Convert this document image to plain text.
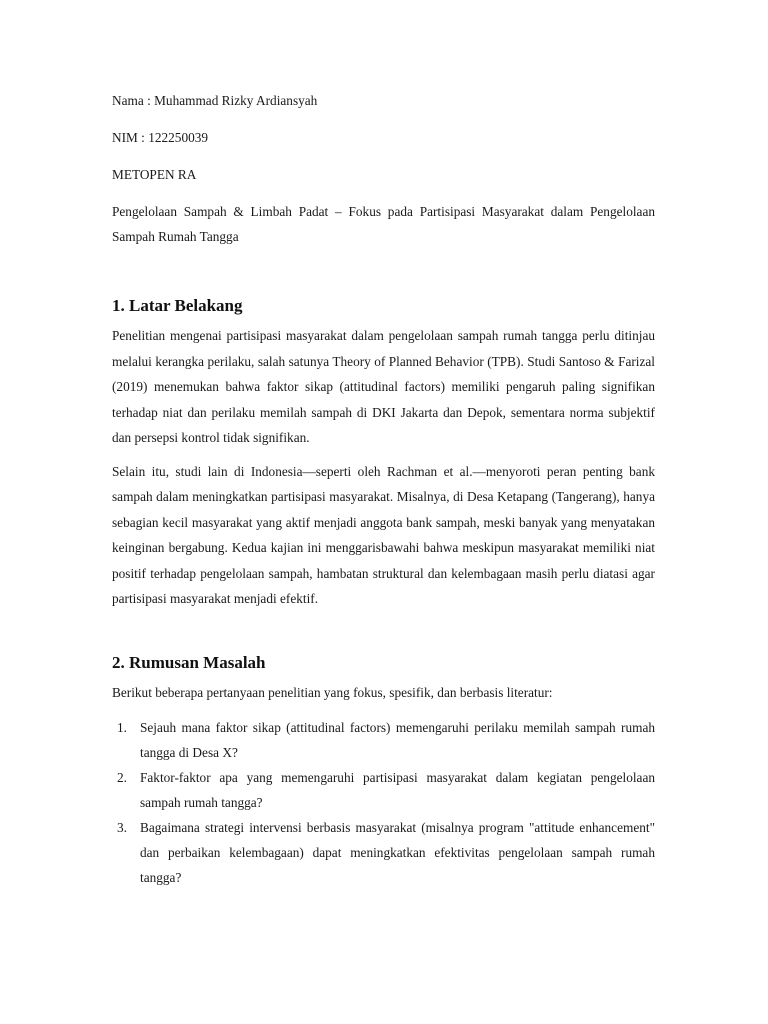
Nama : Muhammad Rizky Ardiansyah

NIM : 122250039

METOPEN RA

Pengelolaan Sampah & Limbah Padat – Fokus pada Partisipasi Masyarakat dalam Pengelolaan Sampah Rumah Tangga

1. Latar Belakang

Penelitian mengenai partisipasi masyarakat dalam pengelolaan sampah rumah tangga perlu ditinjau melalui kerangka perilaku, salah satunya Theory of Planned Behavior (TPB). Studi Santoso & Farizal (2019) menemukan bahwa faktor sikap (attitudinal factors) memiliki pengaruh paling signifikan terhadap niat dan perilaku memilah sampah di DKI Jakarta dan Depok, sementara norma subjektif dan persepsi kontrol tidak signifikan.

Selain itu, studi lain di Indonesia—seperti oleh Rachman et al.—menyoroti peran penting bank sampah dalam meningkatkan partisipasi masyarakat. Misalnya, di Desa Ketapang (Tangerang), hanya sebagian kecil masyarakat yang aktif menjadi anggota bank sampah, meski banyak yang menyatakan keinginan bergabung. Kedua kajian ini menggarisbawahi bahwa meskipun masyarakat memiliki niat positif terhadap pengelolaan sampah, hambatan struktural dan kelembagaan masih perlu diatasi agar partisipasi masyarakat menjadi efektif.

2. Rumusan Masalah

Berikut beberapa pertanyaan penelitian yang fokus, spesifik, dan berbasis literatur:

1. Sejauh mana faktor sikap (attitudinal factors) memengaruhi perilaku memilah sampah rumah tangga di Desa X?
2. Faktor-faktor apa yang memengaruhi partisipasi masyarakat dalam kegiatan pengelolaan sampah rumah tangga?
3. Bagaimana strategi intervensi berbasis masyarakat (misalnya program "attitude enhancement" dan perbaikan kelembagaan) dapat meningkatkan efektivitas pengelolaan sampah rumah tangga?
